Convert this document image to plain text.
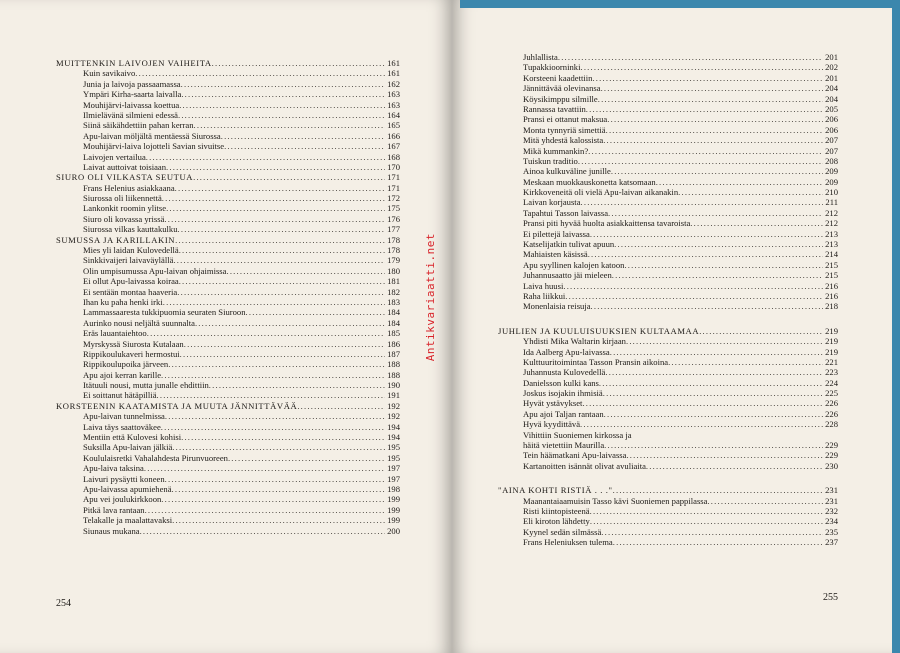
MUITTENKIN LAIVOJEN VAIHEITA .....	161
Kuin savikaivo .....	161
Junia ja laivoja passaamassa .....	162
Ympäri Kirha-saarta laivalla .....	163
Mouhijärvi-laivassa koettua .....	163
Ilmielävänä silmieni edessä .....	164
Siinä säikähdettiin pahan kerran .....	165
Apu-laivan möljältä mentäessä Siurossa .....	166
Mouhijärvi-laiva lojotteli Savian sivuitse .....	167
Laivojen vertailua .....	168
Laivat auttoivat toisiaan .....	170
SIURO OLI VILKASTA SEUTUA .....	171
Frans Helenius asiakkaana .....	171
Siurossa oli liikennettä .....	172
Lankonkit roomin ylitse .....	175
Siuro oli kovassa yrissä .....	176
Siurossa vilkas kauttakulku .....	177
SUMUSSA JA KARILLAKIN .....	178
Mies yli laidan Kulovedellä .....	178
Sinkkivaijeri laivaväylällä .....	179
Olin umpisumussa Apu-laivan ohjaimissa .....	180
Ei ollut Apu-laivassa koiraa .....	181
Ei sentään montaa haaveria .....	182
Ihan ku paha henki irki .....	183
Lammassaaresta tukkipuomia seuraten Siuroon .....	184
Aurinko nousi neljältä suunnalta .....	184
Eräs lauantaiehtoo .....	185
Myrskyssä Siurosta Kutalaan .....	186
Rippikoulukaveri hermostui .....	187
Rippikoulupoika järveen .....	188
Apu ajoi kerran karille .....	188
Itätuuli nousi, mutta junalle ehdittiin .....	190
Ei soittanut hätäpilliä .....	191
KORSTEENIN KAATAMISTA JA MUUTA JÄNNITTÄVÄÄ .....	192
Apu-laivan tunnelmissa .....	192
Laiva täys saattoväkee .....	194
Mentiin että Kulovesi kohisi .....	194
Suksilla Apu-laivan jälkiä .....	195
Koululaisretki Vahalahdesta Pirunvuoreen .....	195
Apu-laiva taksina .....	197
Laivuri pysäytti koneen .....	197
Apu-laivassa apumiehenä .....	198
Apu vei joulukirkkoon .....	199
Pitkä lava rantaan .....	199
Telakalle ja maalattavaksi .....	199
Siunaus mukana .....	200
Juhlallista .....	201
Tupakkioorninki .....	202
Korsteeni kaadettiin .....	201
Jännittävää olevinansa .....	204
Köysikimppu silmille .....	204
Rannassa tavattiin .....	205
Pransi ei ottanut maksua .....	206
Monta tynnyriä simettiä .....	206
Mitä yhdestä kalossista .....	207
Mikä kummankin? .....	207
Tuiskun traditio .....	208
Ainoa kulkuväline junille .....	209
Meskaan muokkauskonetta katsomaan .....	209
Kirkkoveneitä oli vielä Apu-laivan aikanakin .....	210
Laivan korjausta .....	211
Tapahtui Tasson laivassa .....	212
Pransi piti hyvää huolta asiakkaittensa tavaroista .....	212
Ei pilettejä laivassa .....	213
Katselijatkin tulivat apuun .....	213
Mahiaisten käsissä .....	214
Apu syyllinen kalojen katoon .....	215
Juhannusaatto jäi mieleen .....	215
Laiva huusi .....	216
Raha liikkui .....	216
Monenlaisia reisuja .....	218
JUHLIEN JA KUULUISUUKSIEN KULTAAMAA .....	219
Yhdisti Mika Waltarin kirjaan .....	219
Ida Aalberg Apu-laivassa .....	219
Kulttuuritoimintaa Tasson Pransin aikoina .....	221
Juhannusta Kulovedellä .....	223
Danielsson kulki kans .....	224
Joskus isojakin ihmisiä .....	225
Hyvät ystävykset .....	226
Apu ajoi Taljan rantaan .....	226
Hyvä kyydittävä .....	228
Vihittiin Suoniemen kirkossa ja
häitä vietettiin Maurilla .....	229
Tein häämatkani Apu-laivassa .....	229
Kartanoitten isännät olivat avuliaita .....	230
"AINA KOHTI RISTIÄ . . ." .....	231
Maanantaiaamuisin Tasso kävi Suoniemen pappilassa .....	231
Risti kiintopisteenä .....	232
Eli kiroton lähdetty .....	234
Kyynel sedän silmässä .....	235
Frans Heleniuksen tulema .....	237
254
255
Antikvariaatti.net
